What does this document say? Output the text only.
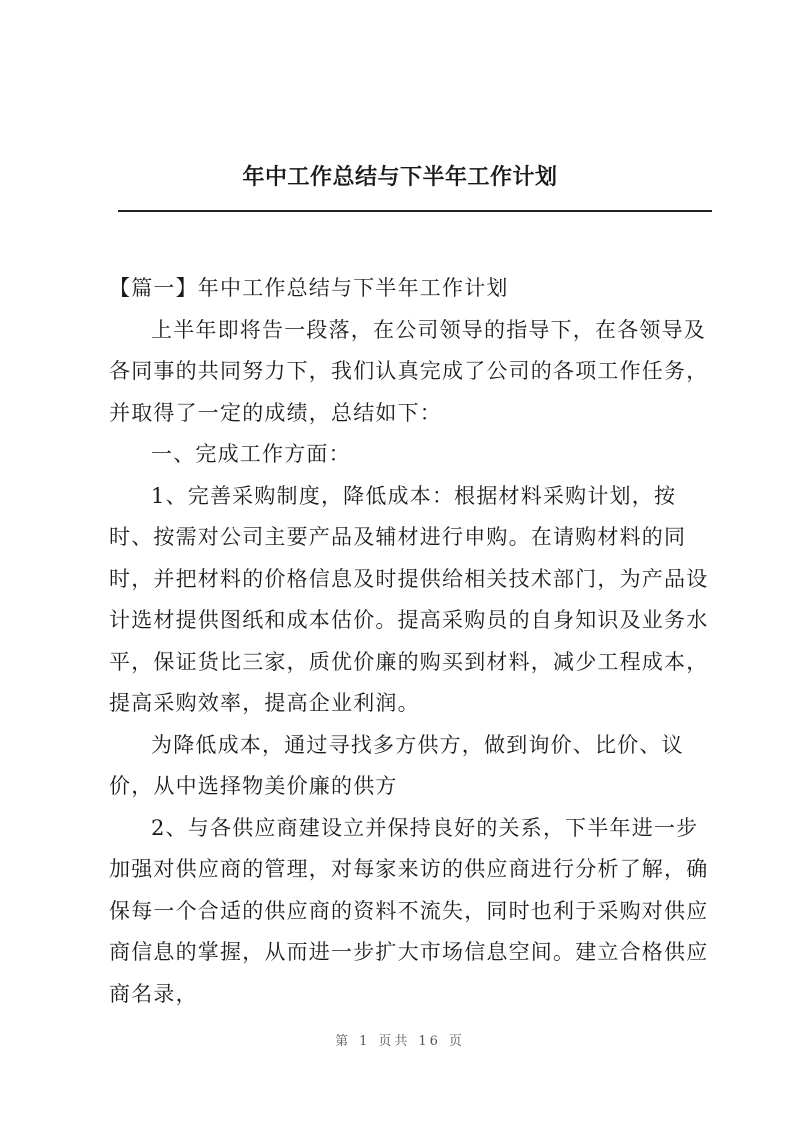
年中工作总结与下半年工作计划

【篇一】年中工作总结与下半年工作计划

上半年即将告一段落，在公司领导的指导下，在各领导及各同事的共同努力下，我们认真完成了公司的各项工作任务，并取得了一定的成绩，总结如下：

一、完成工作方面：

1、完善采购制度，降低成本：根据材料采购计划，按时、按需对公司主要产品及辅材进行申购。在请购材料的同时，并把材料的价格信息及时提供给相关技术部门，为产品设计选材提供图纸和成本估价。提高采购员的自身知识及业务水平，保证货比三家，质优价廉的购买到材料，减少工程成本，提高采购效率，提高企业利润。

为降低成本，通过寻找多方供方，做到询价、比价、议价，从中选择物美价廉的供方

2、与各供应商建设立并保持良好的关系，下半年进一步加强对供应商的管理，对每家来访的供应商进行分析了解，确保每一个合适的供应商的资料不流失，同时也利于采购对供应商信息的掌握，从而进一步扩大市场信息空间。建立合格供应商名录，

第 1 页共 16 页
